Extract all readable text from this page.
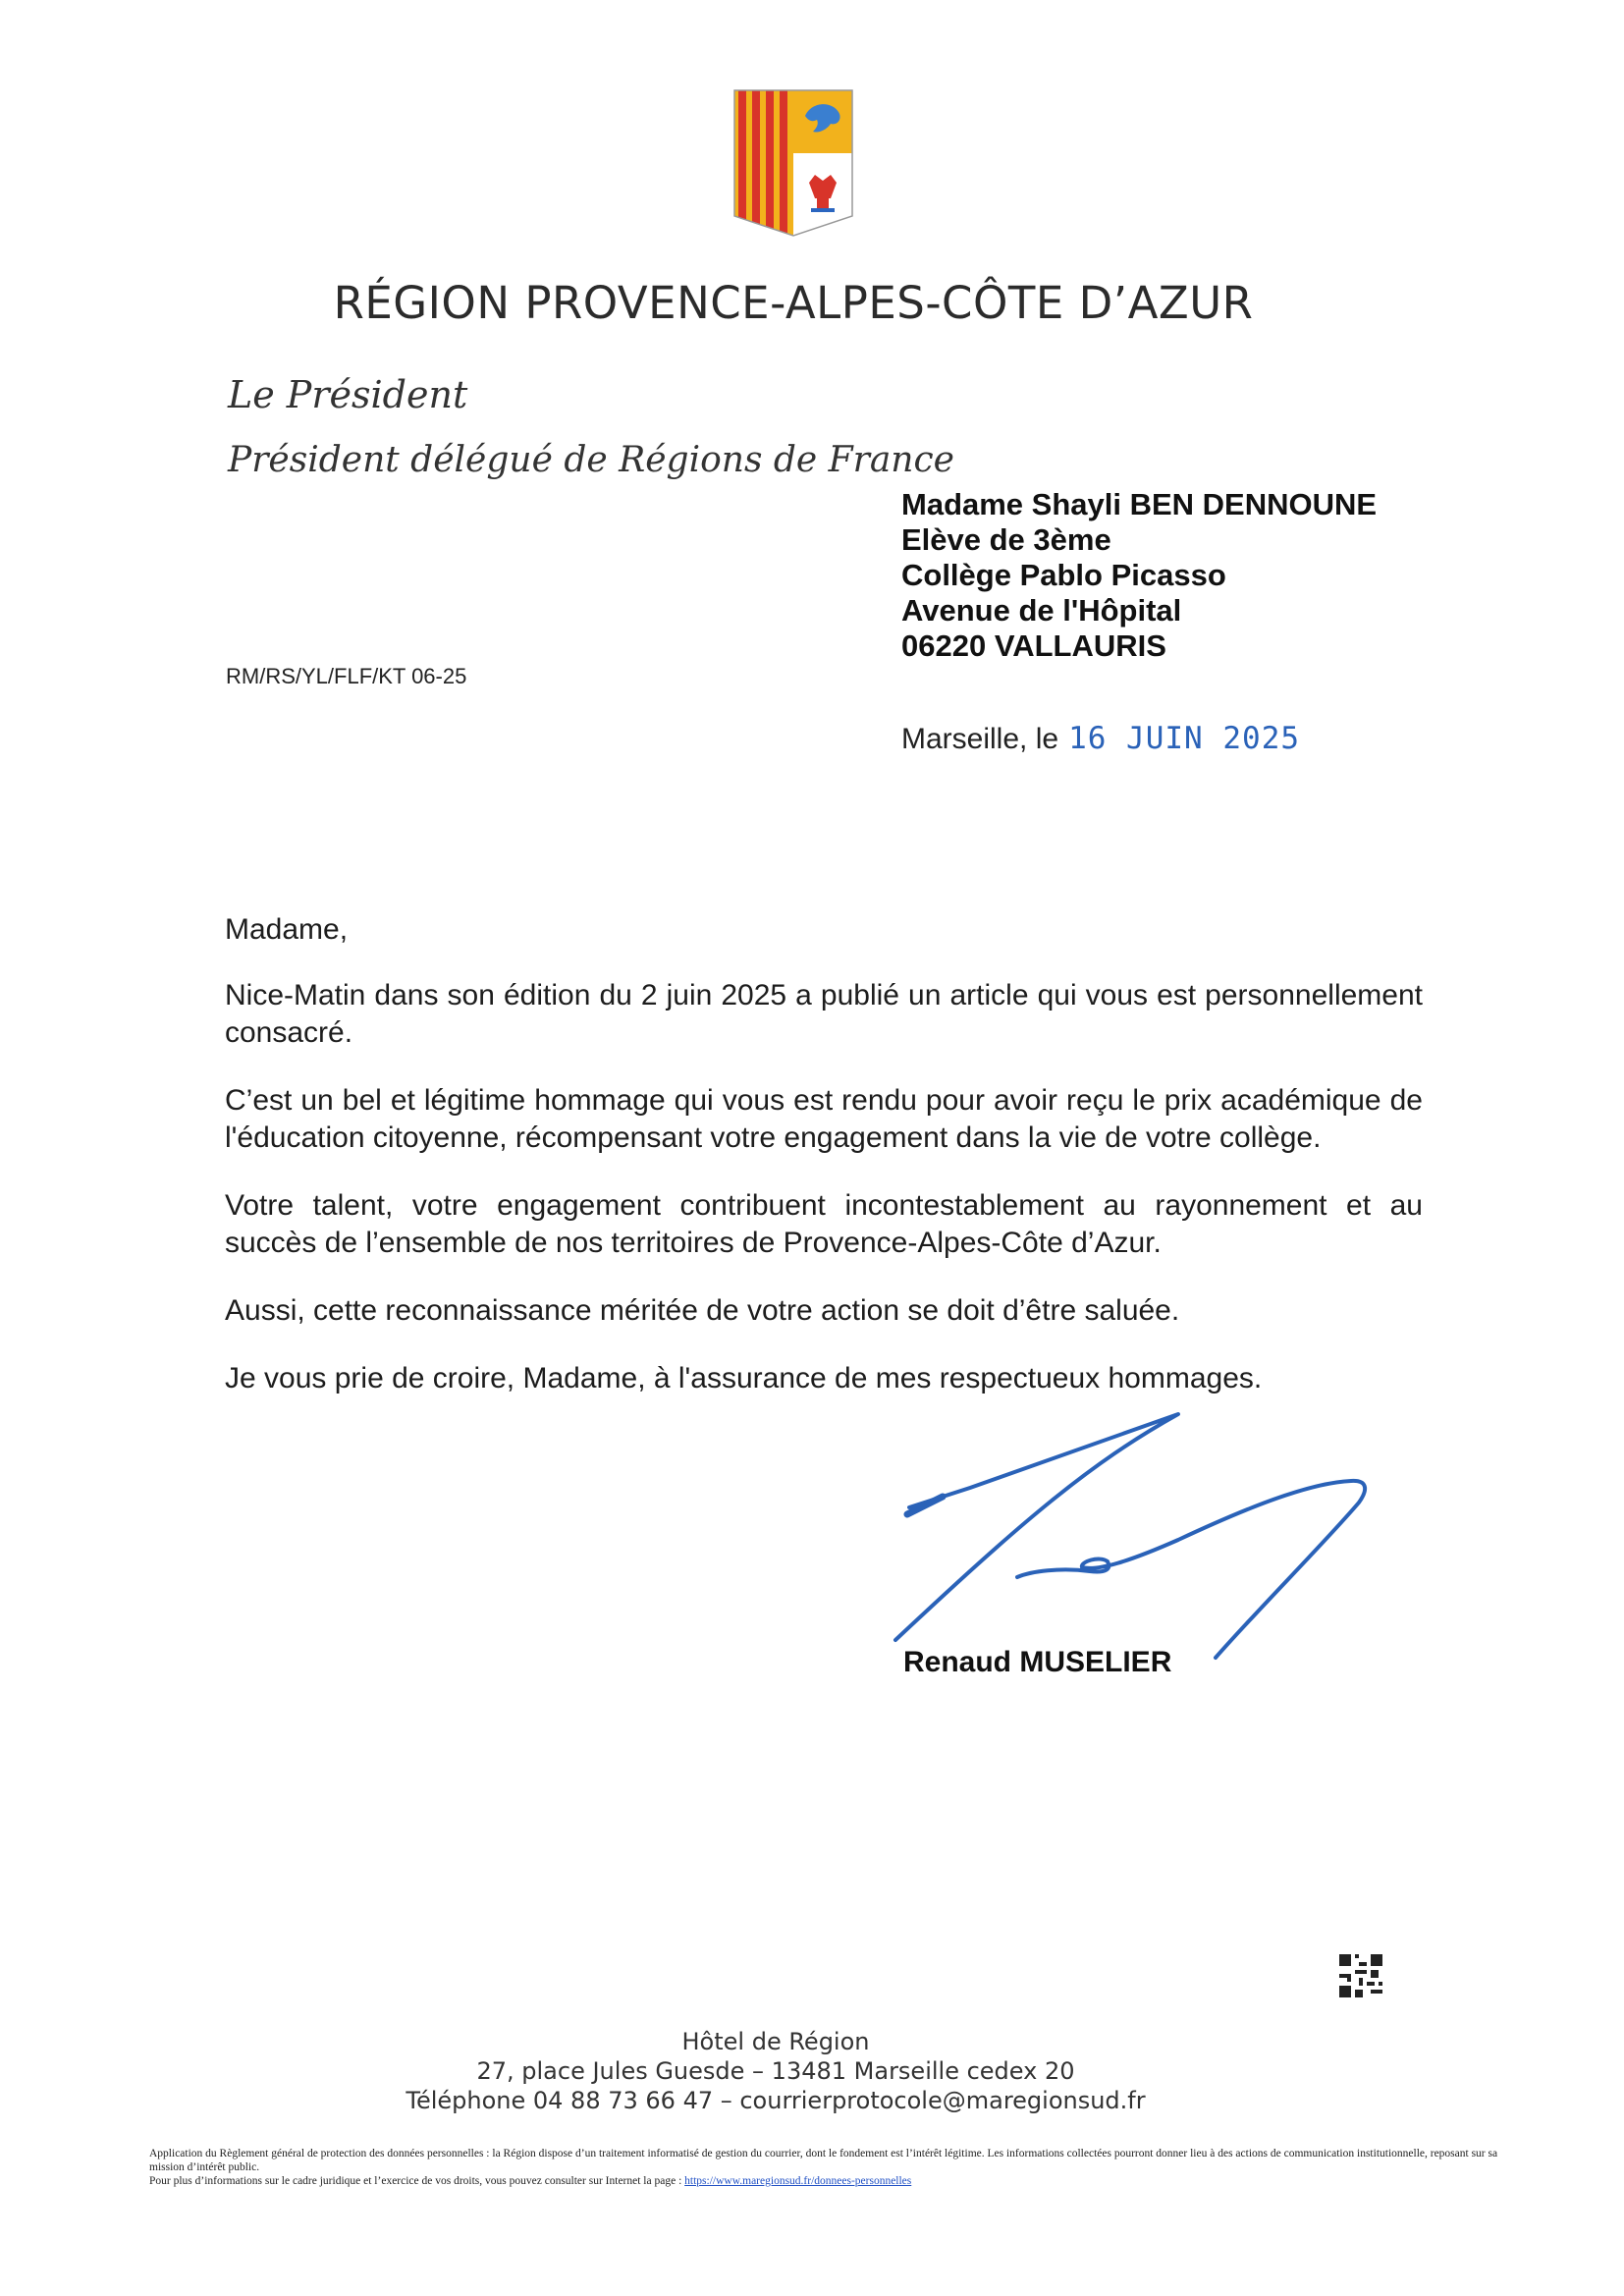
RÉGION PROVENCE-ALPES-CÔTE D’AZUR
Le Président
Président délégué de Régions de France
Madame Shayli BEN DENNOUNE
Elève de 3ème
Collège Pablo Picasso
Avenue de l'Hôpital
06220 VALLAURIS
RM/RS/YL/FLF/KT 06-25
Marseille, le 16 JUIN 2025

Madame,

Nice-Matin dans son édition du 2 juin 2025 a publié un article qui vous est personnellement consacré.

C’est un bel et légitime hommage qui vous est rendu pour avoir reçu le prix académique de l'éducation citoyenne, récompensant votre engagement dans la vie de votre collège.

Votre talent, votre engagement contribuent incontestablement au rayonnement et au succès de l’ensemble de nos territoires de Provence-Alpes-Côte d’Azur.

Aussi, cette reconnaissance méritée de votre action se doit d’être saluée.

Je vous prie de croire, Madame, à l'assurance de mes respectueux hommages.

Renaud MUSELIER
Hôtel de Région
27, place Jules Guesde – 13481 Marseille cedex 20
Téléphone 04 88 73 66 47 – courrierprotocole@maregionsud.fr
Application du Règlement général de protection des données personnelles : la Région dispose d’un traitement informatisé de gestion du courrier, dont le fondement est l’intérêt légitime. Les informations collectées pourront donner lieu à des actions de communication institutionnelle, reposant sur sa mission d’intérêt public.
Pour plus d’informations sur le cadre juridique et l’exercice de vos droits, vous pouvez consulter sur Internet la page : https://www.maregionsud.fr/donnees-personnelles
